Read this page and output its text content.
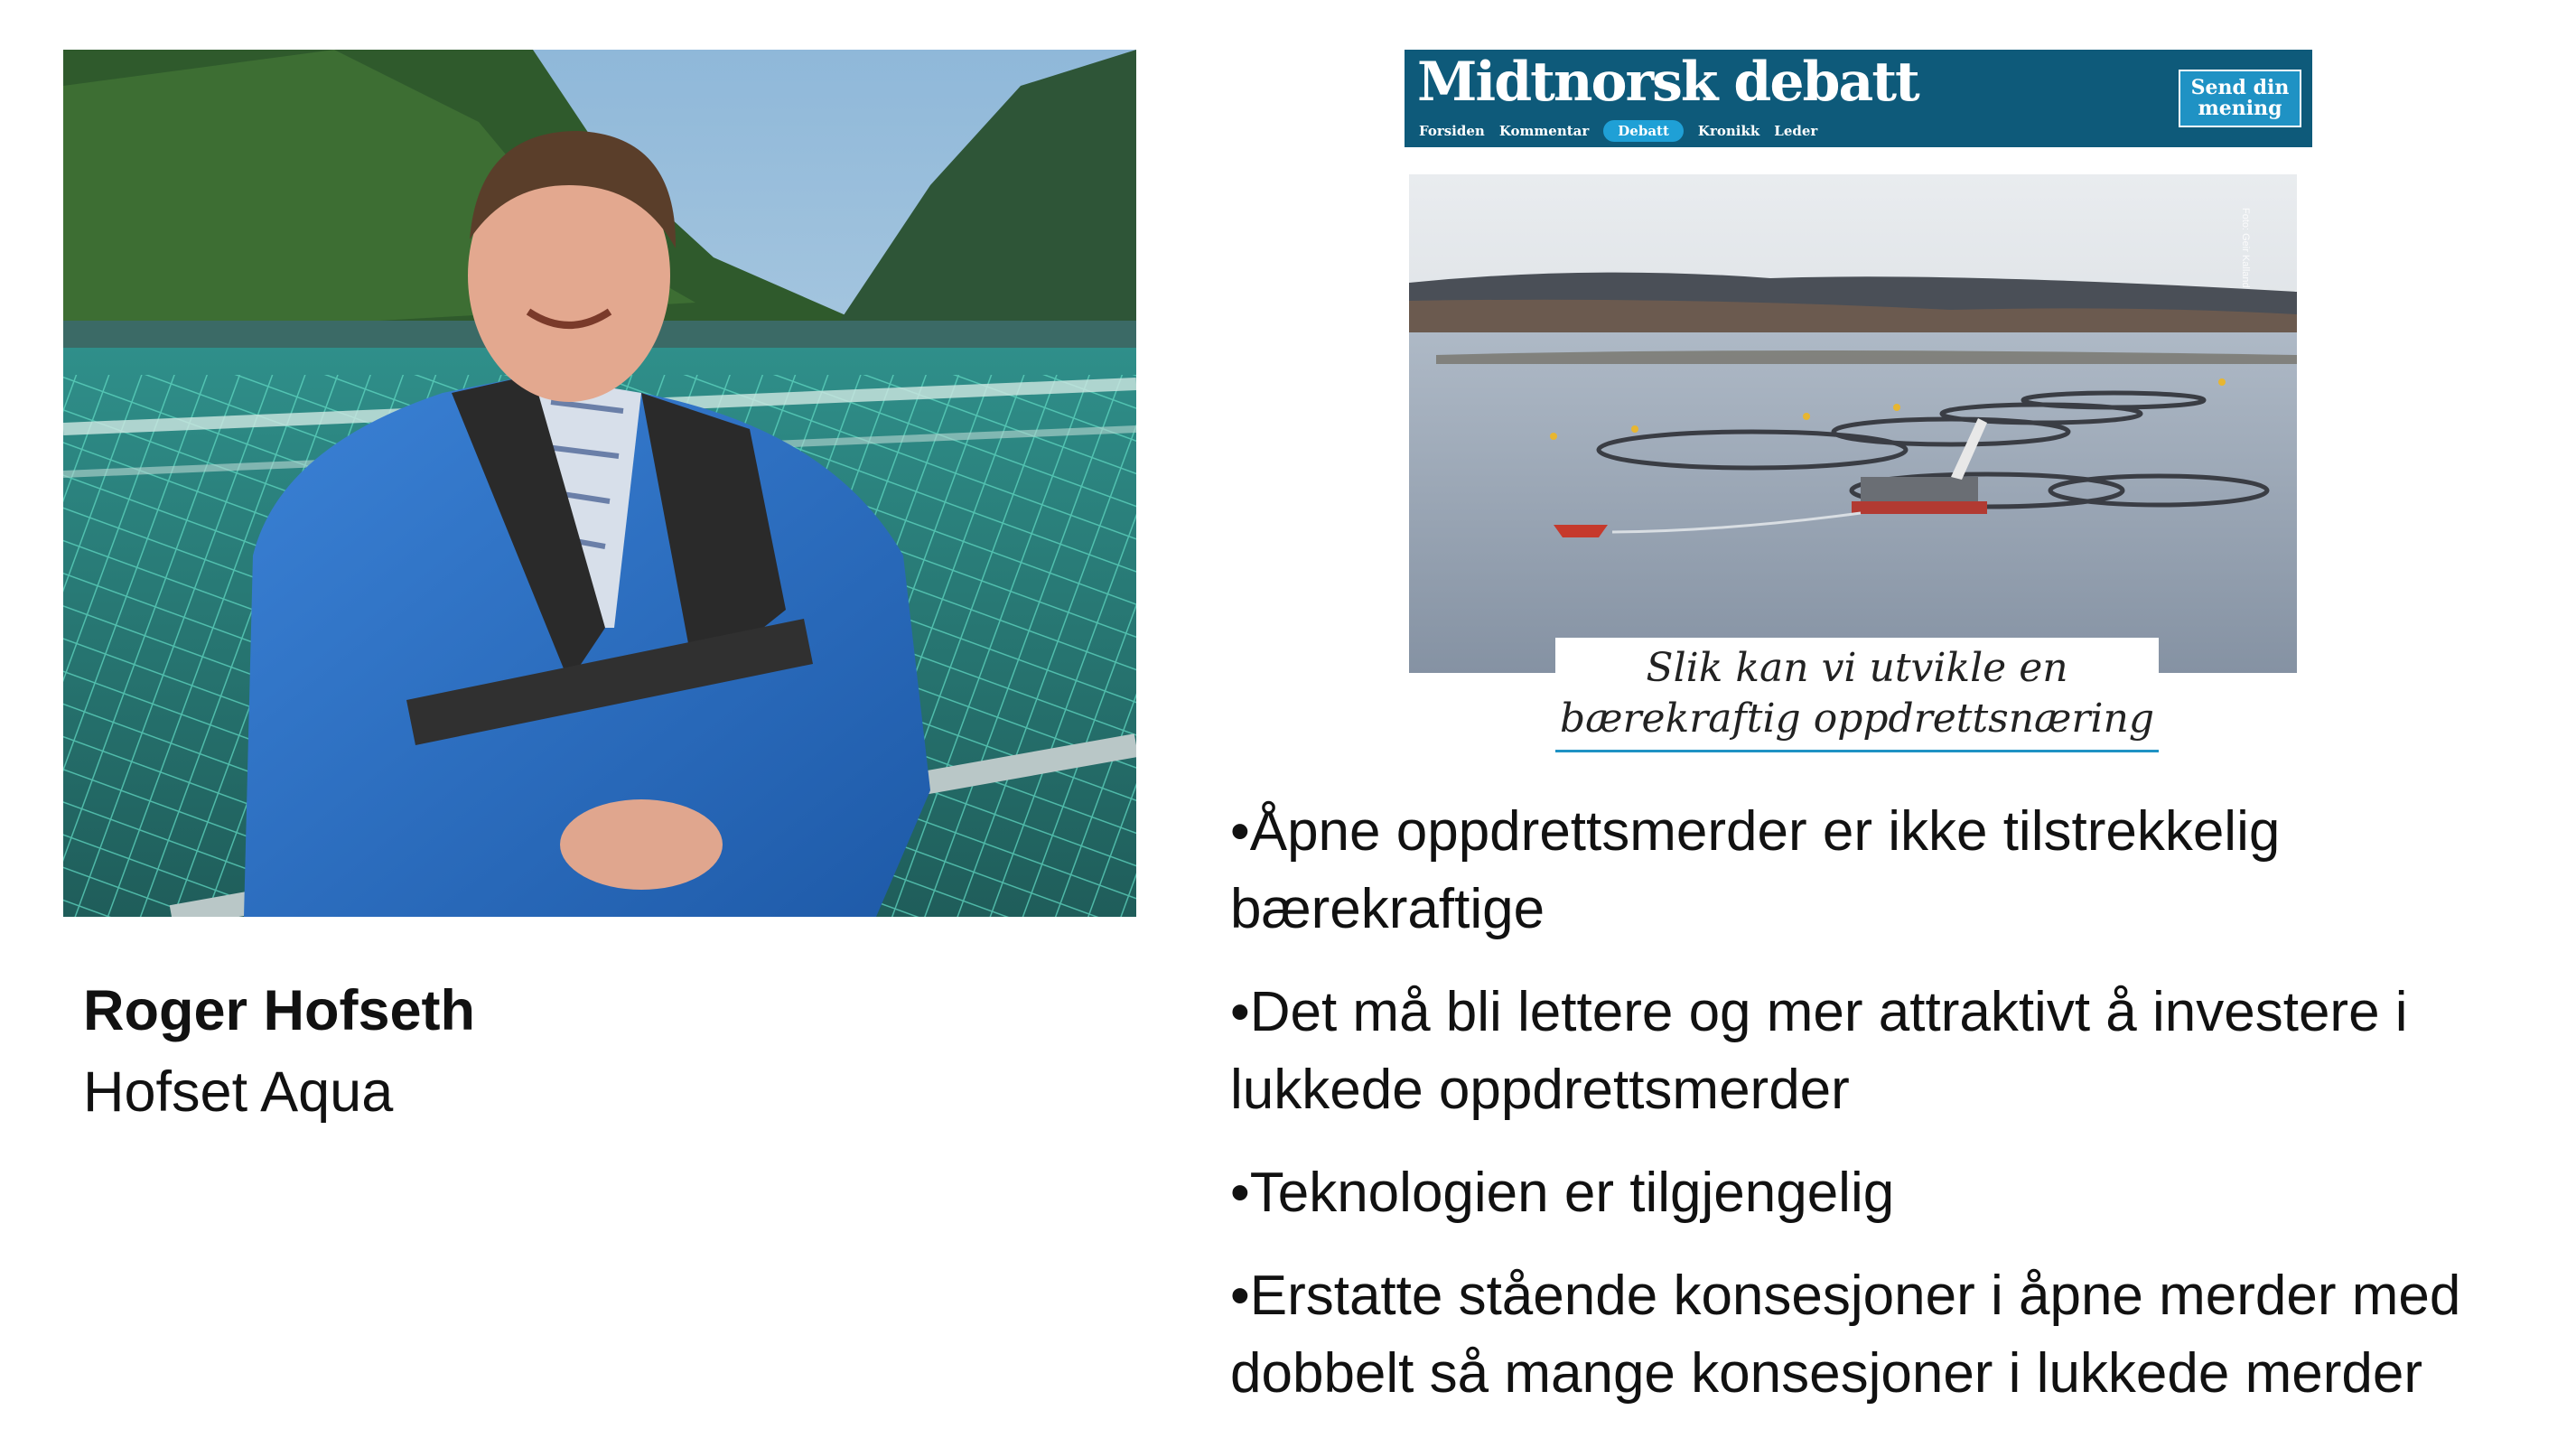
Roger Hofseth
Hofset Aqua
Midtnorsk debatt
Forsiden Kommentar	Debatt	Kronikk Leder
Send din
mening
Foto: Geir Kalland
Slik kan vi utvikle en
bærekraftig oppdrettsnæring
• Åpne oppdrettsmerder er ikke tilstrekkelig bærekraftige
• Det må bli lettere og mer attraktivt å investere i lukkede oppdrettsmerder
• Teknologien er tilgjengelig
• Erstatte stående konsesjoner i åpne merder med dobbelt så mange konsesjoner i lukkede merder
